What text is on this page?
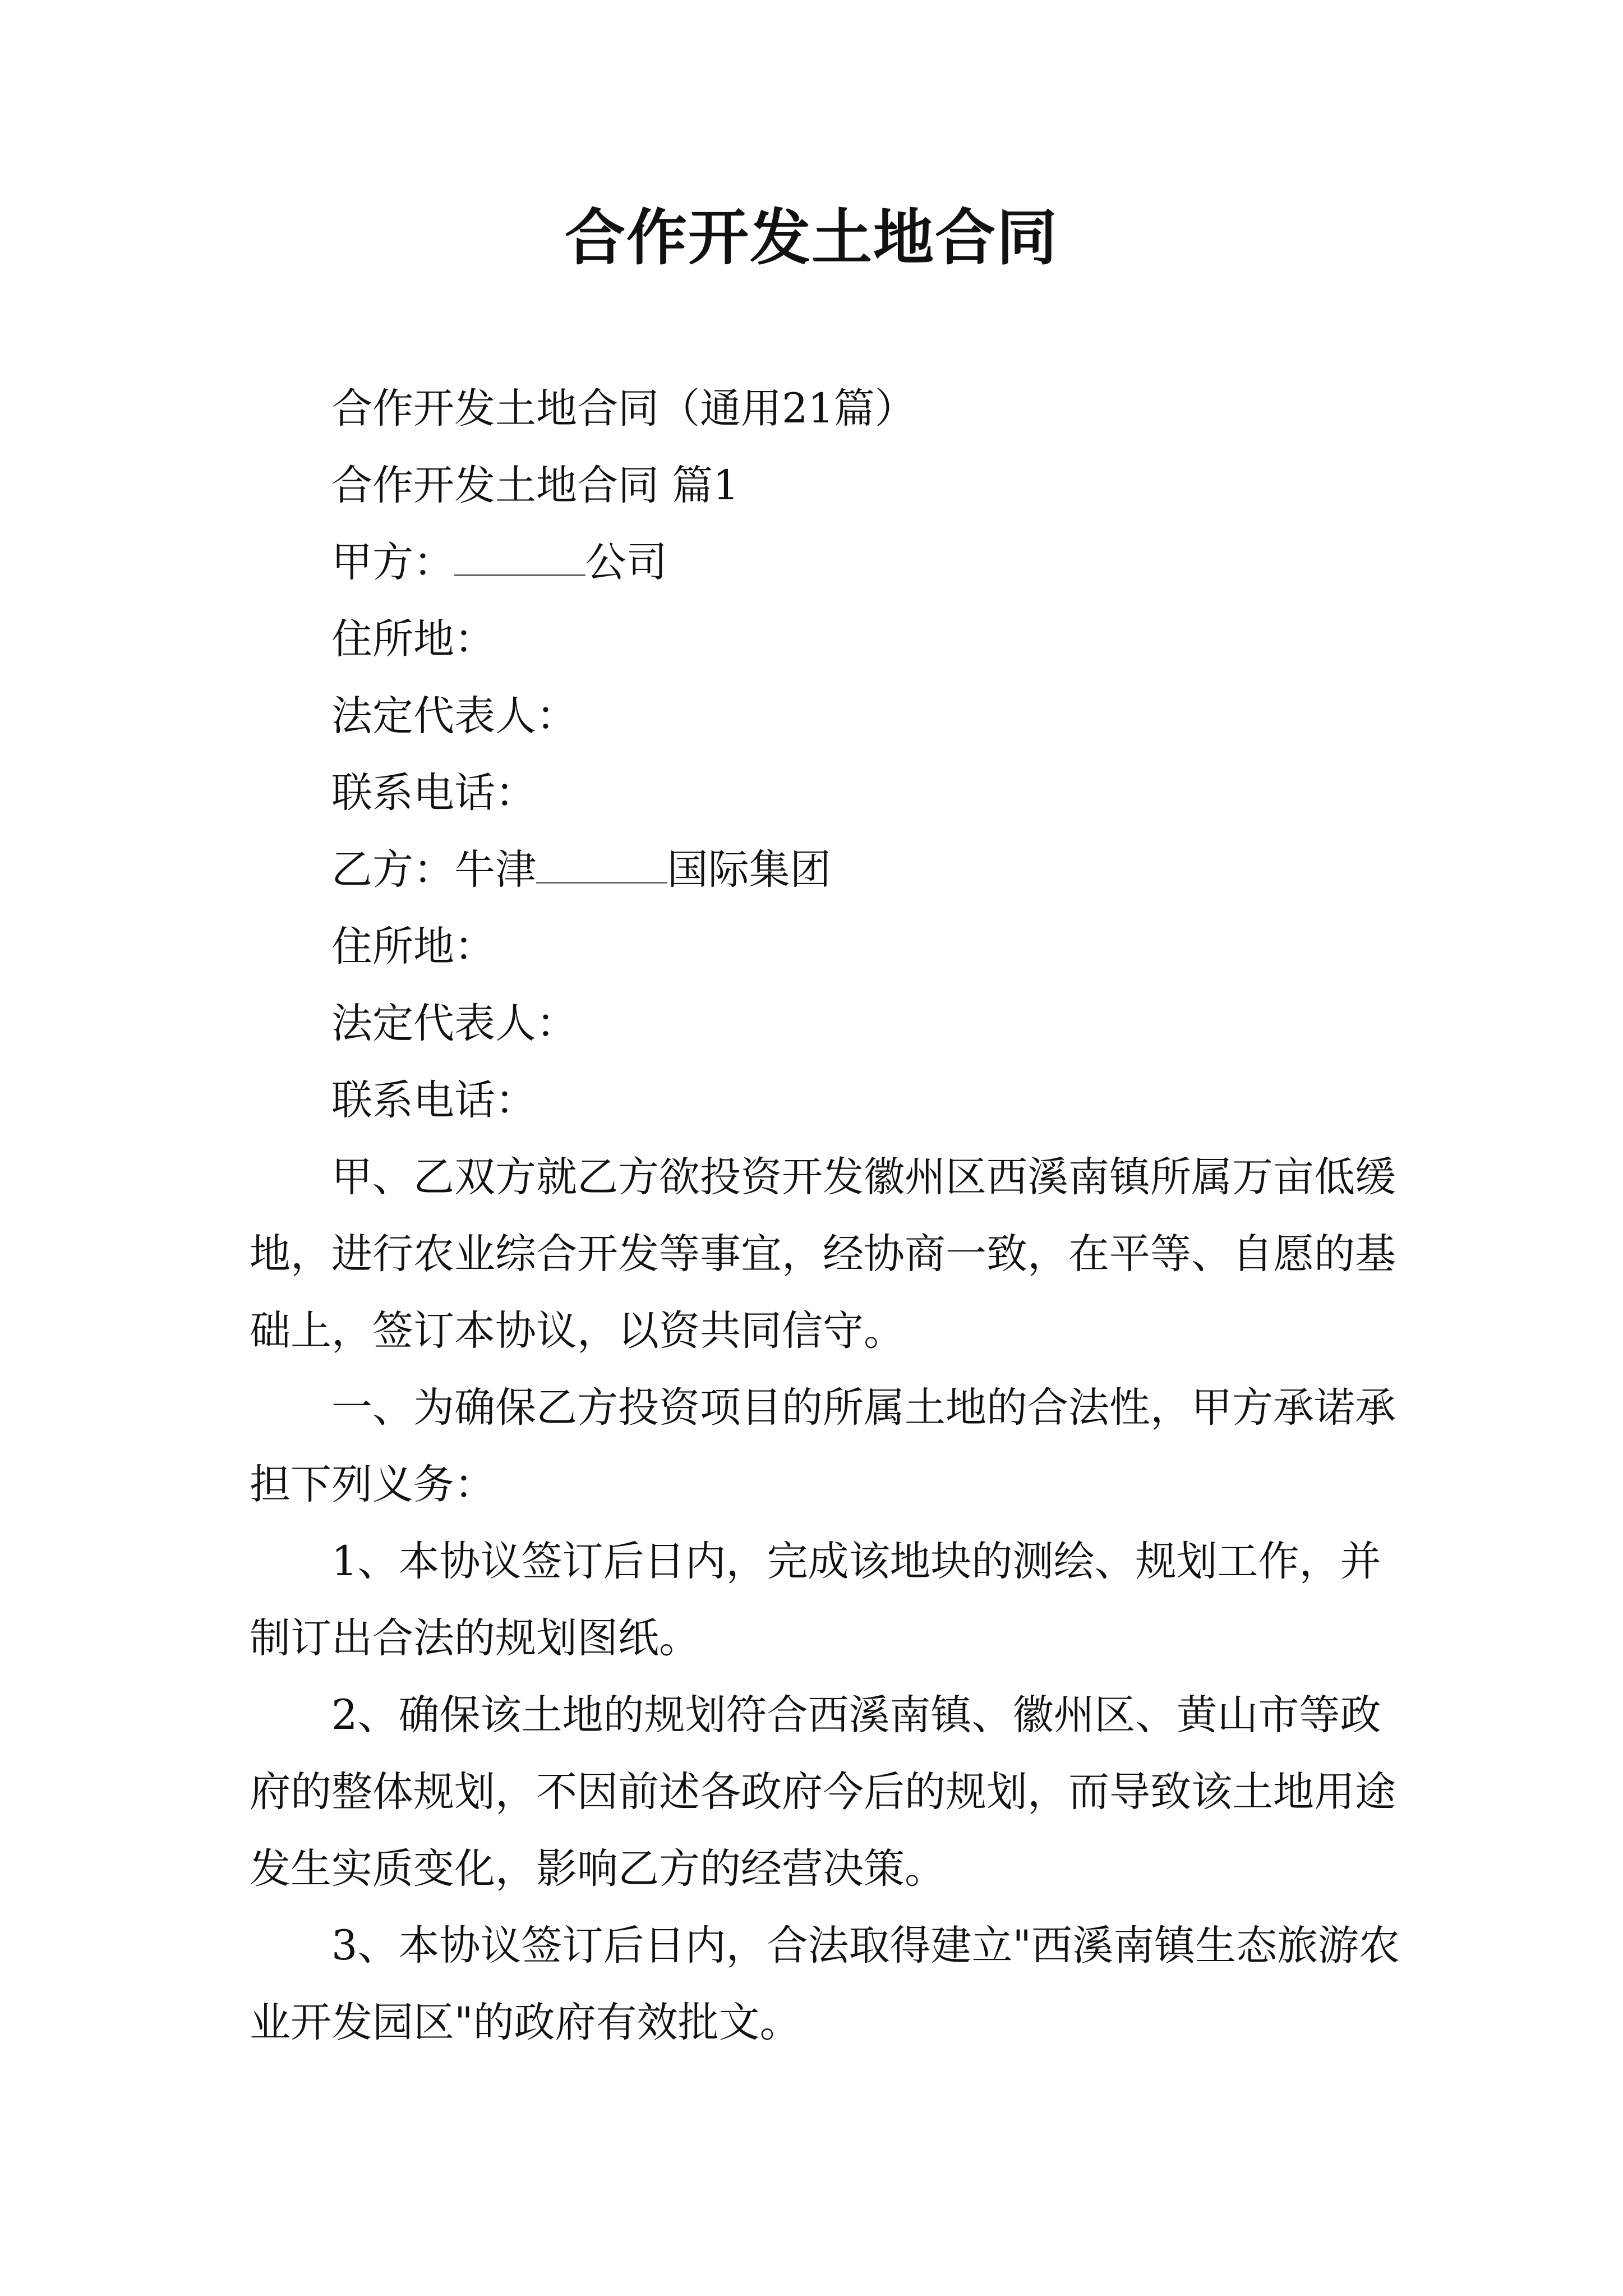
合作开发土地合同

合作开发土地合同（通用21篇）

合作开发土地合同 篇1

甲方：	公司

住所地：

法定代表人：

联系电话：

乙方：牛津	国际集团

住所地：

法定代表人：

联系电话：

甲、乙双方就乙方欲投资开发徽州区西溪南镇所属万亩低缓地，进行农业综合开发等事宜，经协商一致，在平等、自愿的基础上，签订本协议，以资共同信守。

一、为确保乙方投资项目的所属土地的合法性，甲方承诺承担下列义务：

1、本协议签订后日内，完成该地块的测绘、规划工作，并制订出合法的规划图纸。

2、确保该土地的规划符合西溪南镇、徽州区、黄山市等政府的整体规划，不因前述各政府今后的规划，而导致该土地用途发生实质变化，影响乙方的经营决策。

3、本协议签订后日内，合法取得建立"西溪南镇生态旅游农业开发园区"的政府有效批文。
